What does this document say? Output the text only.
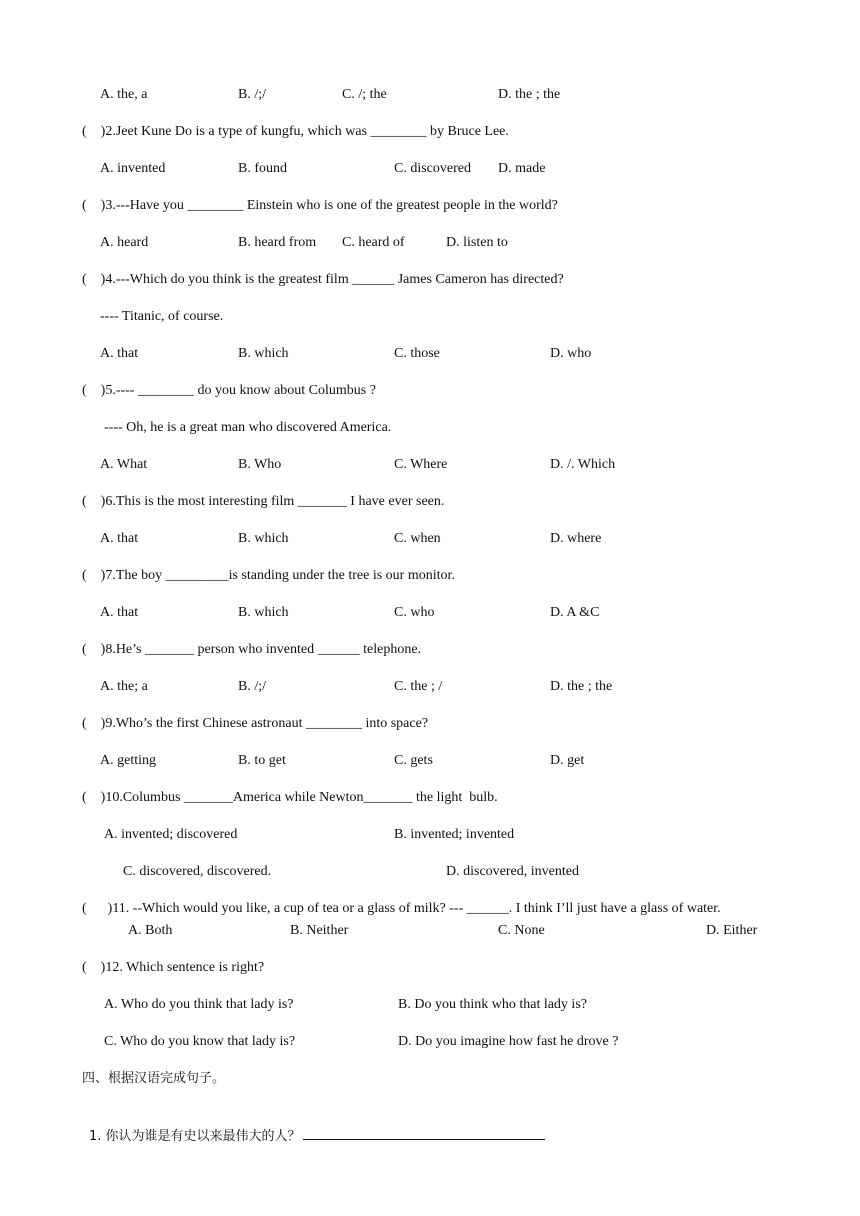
A. the, a	B. /;/	C. /; the	D. the ; the
(    )2.Jeet Kune Do is a type of kungfu, which was ________ by Bruce Lee.
A. invented	B. found	C. discovered D. made
(    )3.---Have you ________ Einstein who is one of the greatest people in the world?
A. heard	B. heard from C. heard of	D. listen to
(    )4.---Which do you think is the greatest film ______ James Cameron has directed?
---- Titanic, of course.
A. that	B. which	C. those	D. who
(    )5.---- ________ do you know about Columbus ?
---- Oh, he is a great man who discovered America.
A. What	B. Who	C. Where	D. /. Which
(    )6.This is the most interesting film _______ I have ever seen.
A. that	B. which	C. when	D. where
(    )7.The boy _________is standing under the tree is our monitor.
A. that	B. which	C. who	D. A &C
(    )8.He’s _______ person who invented ______ telephone.
A. the; a	B. /;/	C. the ; /	D. the ; the
(    )9.Who’s the first Chinese astronaut ________ into space?
A. getting	B. to get	C. gets	D. get
(    )10.Columbus _______America while Newton_______ the light  bulb.
A. invented; discovered	B. invented; invented
C. discovered, discovered.	D. discovered, invented
(      )11. --Which would you like, a cup of tea or a glass of milk? --- ______. I think I’ll just have a glass of water.
A. Both	B. Neither	C. None	D. Either
(    )12. Which sentence is right?
A. Who do you think that lady is?	B. Do you think who that lady is?
C. Who do you know that lady is?	D. Do you imagine how fast he drove ?
四、根据汉语完成句子。

1. 你认为谁是有史以来最伟大的人？
